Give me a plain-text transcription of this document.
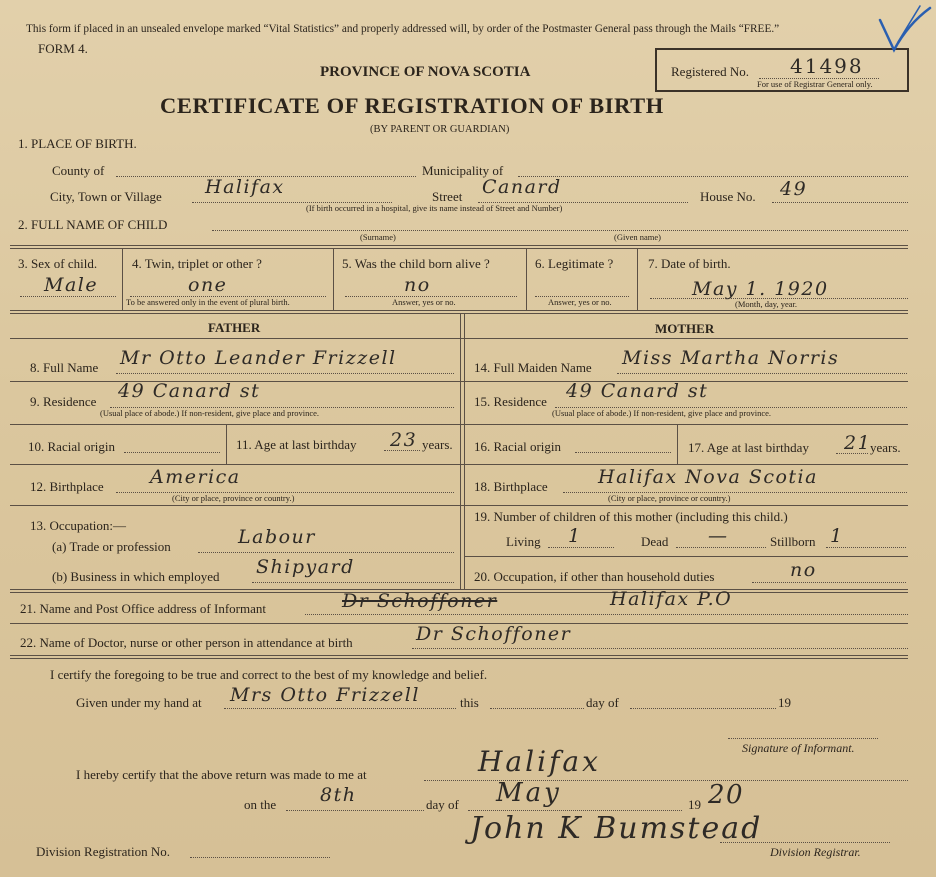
This form if placed in an unsealed envelope marked “Vital Statistics” and properly addressed will, by order of the Postmaster General pass through the Mails “FREE.”
FORM 4.
PROVINCE OF NOVA SCOTIA
CERTIFICATE OF REGISTRATION OF BIRTH
(BY PARENT OR GUARDIAN)
Registered No. 41498
For use of Registrar General only.
1. PLACE OF BIRTH.
County of	Municipality of
City, Town or Village Halifax	Street Canard	House No. 49
(If birth occurred in a hospital, give its name instead of Street and Number)
2. FULL NAME OF CHILD
(Surname)	(Given name)
3. Sex of child.
Male
4. Twin, triplet or other ?
one
To be answered only in the event of plural birth.
5. Was the child born alive ?
no
Answer, yes or no.
6. Legitimate ?
Answer, yes or no.
7. Date of birth.
May 1. 1920
(Month, day, year.
FATHER	MOTHER
8. Full Name Mr Otto Leander Frizzell	14. Full Maiden Name Miss Martha Norris
9. Residence 49 Canard st
(Usual place of abode.) If non-resident, give place and province.
15. Residence 49 Canard st
(Usual place of abode.) If non-resident, give place and province.
10. Racial origin	11. Age at last birthday 23 years. 16. Racial origin	17. Age at last birthday 21
years.
12. Birthplace America
(City or place, province or country.)
18. Birthplace	Halifax Nova Scotia
(City or place, province or country.)
13. Occupation:—
(a) Trade or profession	Labour
(b) Business in which employed Shipyard
19. Number of children of this mother (including this child.)
Living 1	Dead —	Stillborn 1
20. Occupation, if other than household duties	no
21. Name and Post Office address of Informant	Dr Schoffoner	Halifax P.O
22. Name of Doctor, nurse or other person in attendance at birth	Dr Schoffoner
I certify the foregoing to be true and correct to the best of my knowledge and belief.
Given under my hand at Mrs Otto Frizzell	this	day of	19
Signature of Informant.
I hereby certify that the above return was made to me at	Halifax
on the 8th	day of May	19 20
Division Registration No.
John K Bumstead
Division Registrar.
